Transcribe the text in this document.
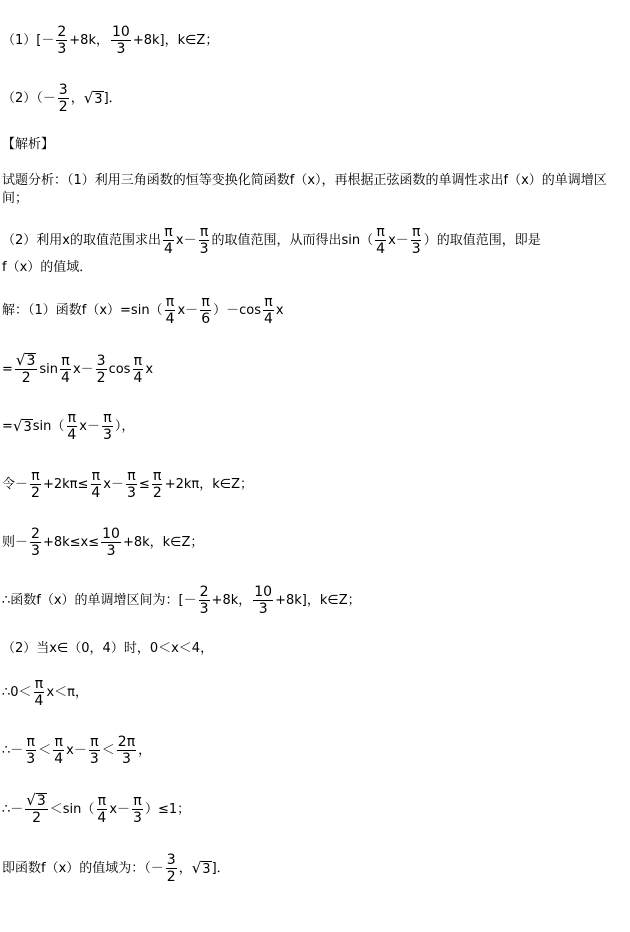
$(1)[ - \frac{2}{3} +8k$， $\frac{10}{3} +8k$]，k∈Z；
$(2)(- \frac{3}{2}$ ， √ 3 ]．
【解析】
试题分析：（1）利用三角函数的恒等变换化简函数f（x），再根据正弦函数的单调性求出f（x）的单调增区间；
（2）利用x的取值范围求出 $\frac{\pi}{4} x- \frac{\pi}{3}$ 的取值范围，从而得出$\sin( \frac{\pi}{4} x- \frac{\pi}{3}$ ）的取值范围，即是
f（x）的值域．
解：（1）函数$f(x)=\sin( \frac{\pi}{4} x- \frac{\pi}{6} )-\cos \frac{\pi}{4}$ x
= $\frac{√ 3}{2}$ $\sin \frac{\pi}{4} x- \frac{3}{2}$ $\cos \frac{\pi}{4}$ x
= √ 3 $\sin( \frac{\pi}{4} x- \frac{\pi}{3}$ ），
令－ $\frac{\pi}{2} +2k\pi\le \frac{\pi}{4} x- \frac{\pi}{3} \le \frac{\pi}{2} +2k\pi$，k∈Z；
则－ $\frac{2}{3} +8k\le x\le \frac{10}{3} +8k$，k∈Z；
∴函数f（x）的单调增区间为：[－ $\frac{2}{3} +8k$， $\frac{10}{3} +8k$]，k∈Z；
（2）当x∈（0，4）时，0＜x＜4，
∴0＜ $\frac{\pi}{4} x<\pi$，
∴－ $\frac{\pi}{3} < \frac{\pi}{4} x- \frac{\pi}{3} < \frac{2\pi}{3}$ ，
∴－ $\frac{√ 3}{2} <\sin( \frac{\pi}{4} x- \frac{\pi}{3} )\le 1$；
即函数f（x）的值域为：（－ $\frac{3}{2}$ ， √ 3 ]．
